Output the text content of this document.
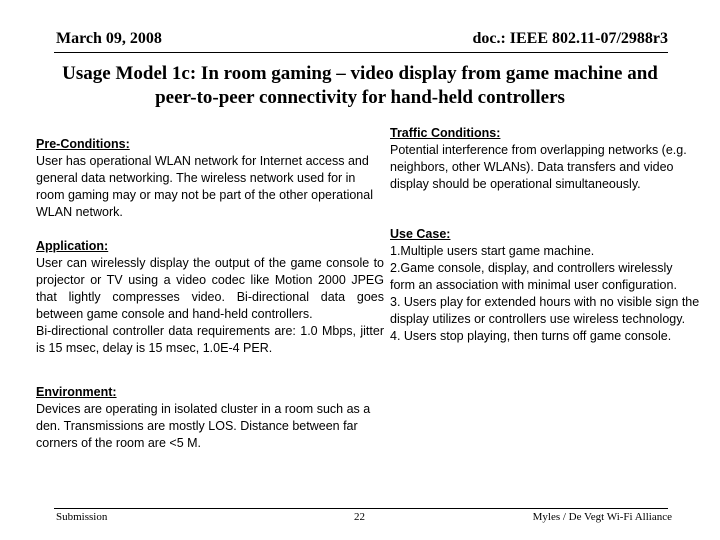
March 09, 2008	doc.: IEEE 802.11-07/2988r3
Usage Model 1c: In room gaming – video display from game machine and peer-to-peer connectivity for hand-held controllers
Pre-Conditions:
User has operational WLAN network for Internet access and general data networking. The wireless network used for in room gaming may or may not be part of the other operational WLAN network.
Application:
User can wirelessly display the output of the game console to projector or TV using a video codec like Motion 2000 JPEG that lightly compresses video. Bi-directional data goes between game console and hand-held controllers.
Bi-directional controller data requirements are: 1.0 Mbps, jitter is 15 msec, delay is 15 msec, 1.0E-4 PER.
Environment:
Devices are operating in isolated cluster in a room such as a den. Transmissions are mostly LOS. Distance between far corners of the room are <5 M.
Traffic Conditions:
Potential interference from overlapping networks (e.g. neighbors, other WLANs). Data transfers and video display should be operational simultaneously.
Use Case:
1.Multiple users start game machine.
2.Game console, display, and controllers wirelessly form an association with minimal user configuration.
3. Users play for extended hours with no visible sign the display utilizes or controllers use wireless technology.
4. Users stop playing, then turns off game console.
Submission	22	Myles / De Vegt Wi-Fi Alliance
